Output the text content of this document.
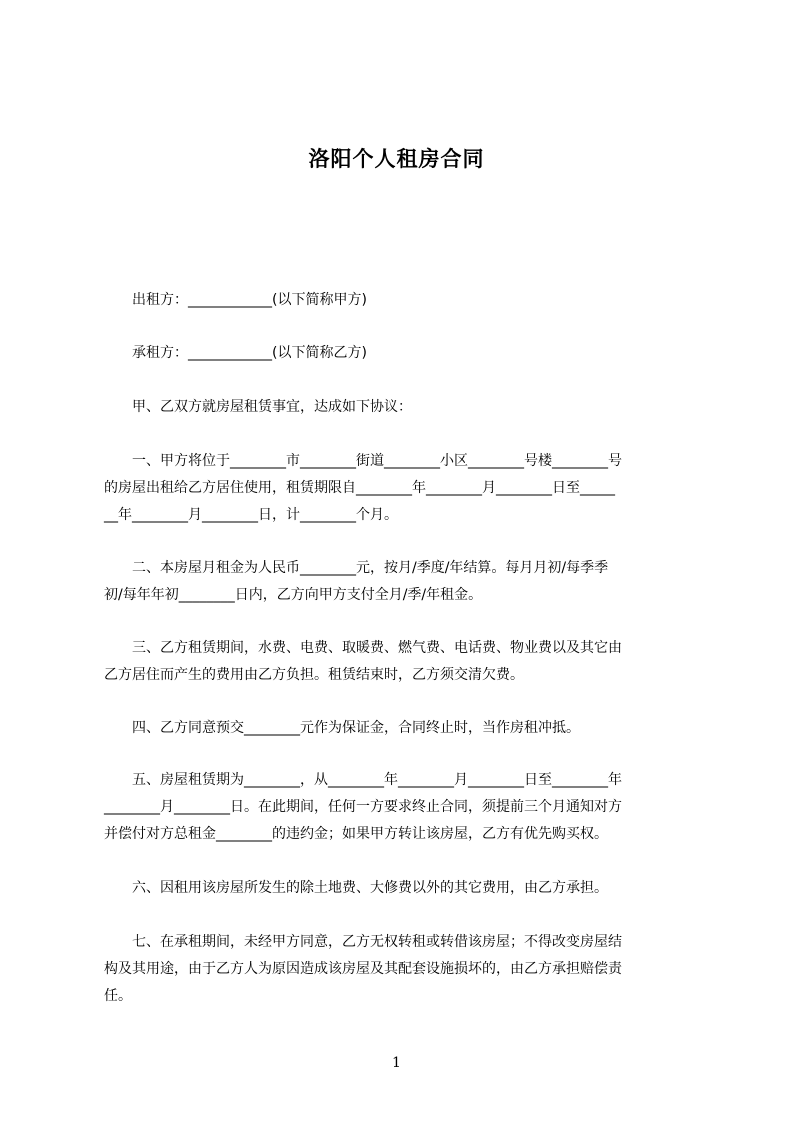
洛阳个人租房合同

　　出租方：____________(以下简称甲方)

　　承租方：____________(以下简称乙方)

　　甲、乙双方就房屋租赁事宜，达成如下协议：

　　一、甲方将位于________市________街道________小区________号楼________号

的房屋出租给乙方居住使用，租赁期限自________年________月________日至_____

__年________月________日，计________个月。

　　二、本房屋月租金为人民币________元，按月/季度/年结算。每月月初/每季季

初/每年年初________日内，乙方向甲方支付全月/季/年租金。

　　三、乙方租赁期间，水费、电费、取暖费、燃气费、电话费、物业费以及其它由

乙方居住而产生的费用由乙方负担。租赁结束时，乙方须交清欠费。

　　四、乙方同意预交________元作为保证金，合同终止时，当作房租冲抵。

　　五、房屋租赁期为________，从________年________月________日至________年

________月________日。在此期间，任何一方要求终止合同，须提前三个月通知对方

并偿付对方总租金________的违约金；如果甲方转让该房屋，乙方有优先购买权。

　　六、因租用该房屋所发生的除土地费、大修费以外的其它费用，由乙方承担。

　　七、在承租期间，未经甲方同意，乙方无权转租或转借该房屋；不得改变房屋结

构及其用途，由于乙方人为原因造成该房屋及其配套设施损坏的，由乙方承担赔偿责

任。

1
